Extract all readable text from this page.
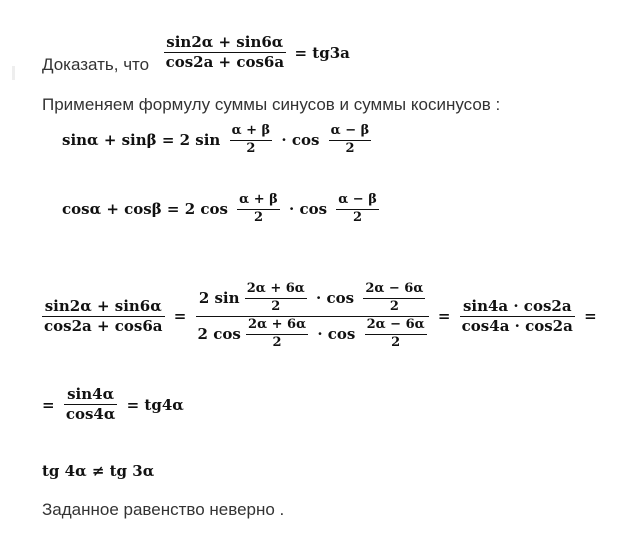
Доказать, что $\frac{\sin 2\alpha + \sin 6\alpha}{\cos 2a + \cos 6a} = tg3a$
Применяем формулу суммы синусов и суммы косинусов :
sinα + sinβ = 2 $\sin \frac{\alpha + \beta}{2} \cdot \cos \frac{\alpha - \beta}{2}$
cosα + cosβ = 2 $\cos \frac{\alpha + \beta}{2} \cdot \cos \frac{\alpha - \beta}{2}$
$\frac{\sin 2\alpha + \sin 6\alpha}{\cos 2a + \cos 6a}$ =
2 $\sin \frac{2\alpha + 6\alpha}{2} \cdot \cos \frac{2\alpha - 6\alpha}{2}$
2 $\cos \frac{2\alpha + 6\alpha}{2} \cdot \cos \frac{2\alpha - 6\alpha}{2}$
= $\frac{\sin 4a \cdot \cos 2a}{\cos 4a \cdot \cos 2a}$ =
= $\frac{\sin 4\alpha}{\cos 4\alpha} = tg4\alpha$
tg 4α ≠ tg 3α
Заданное равенство неверно .
